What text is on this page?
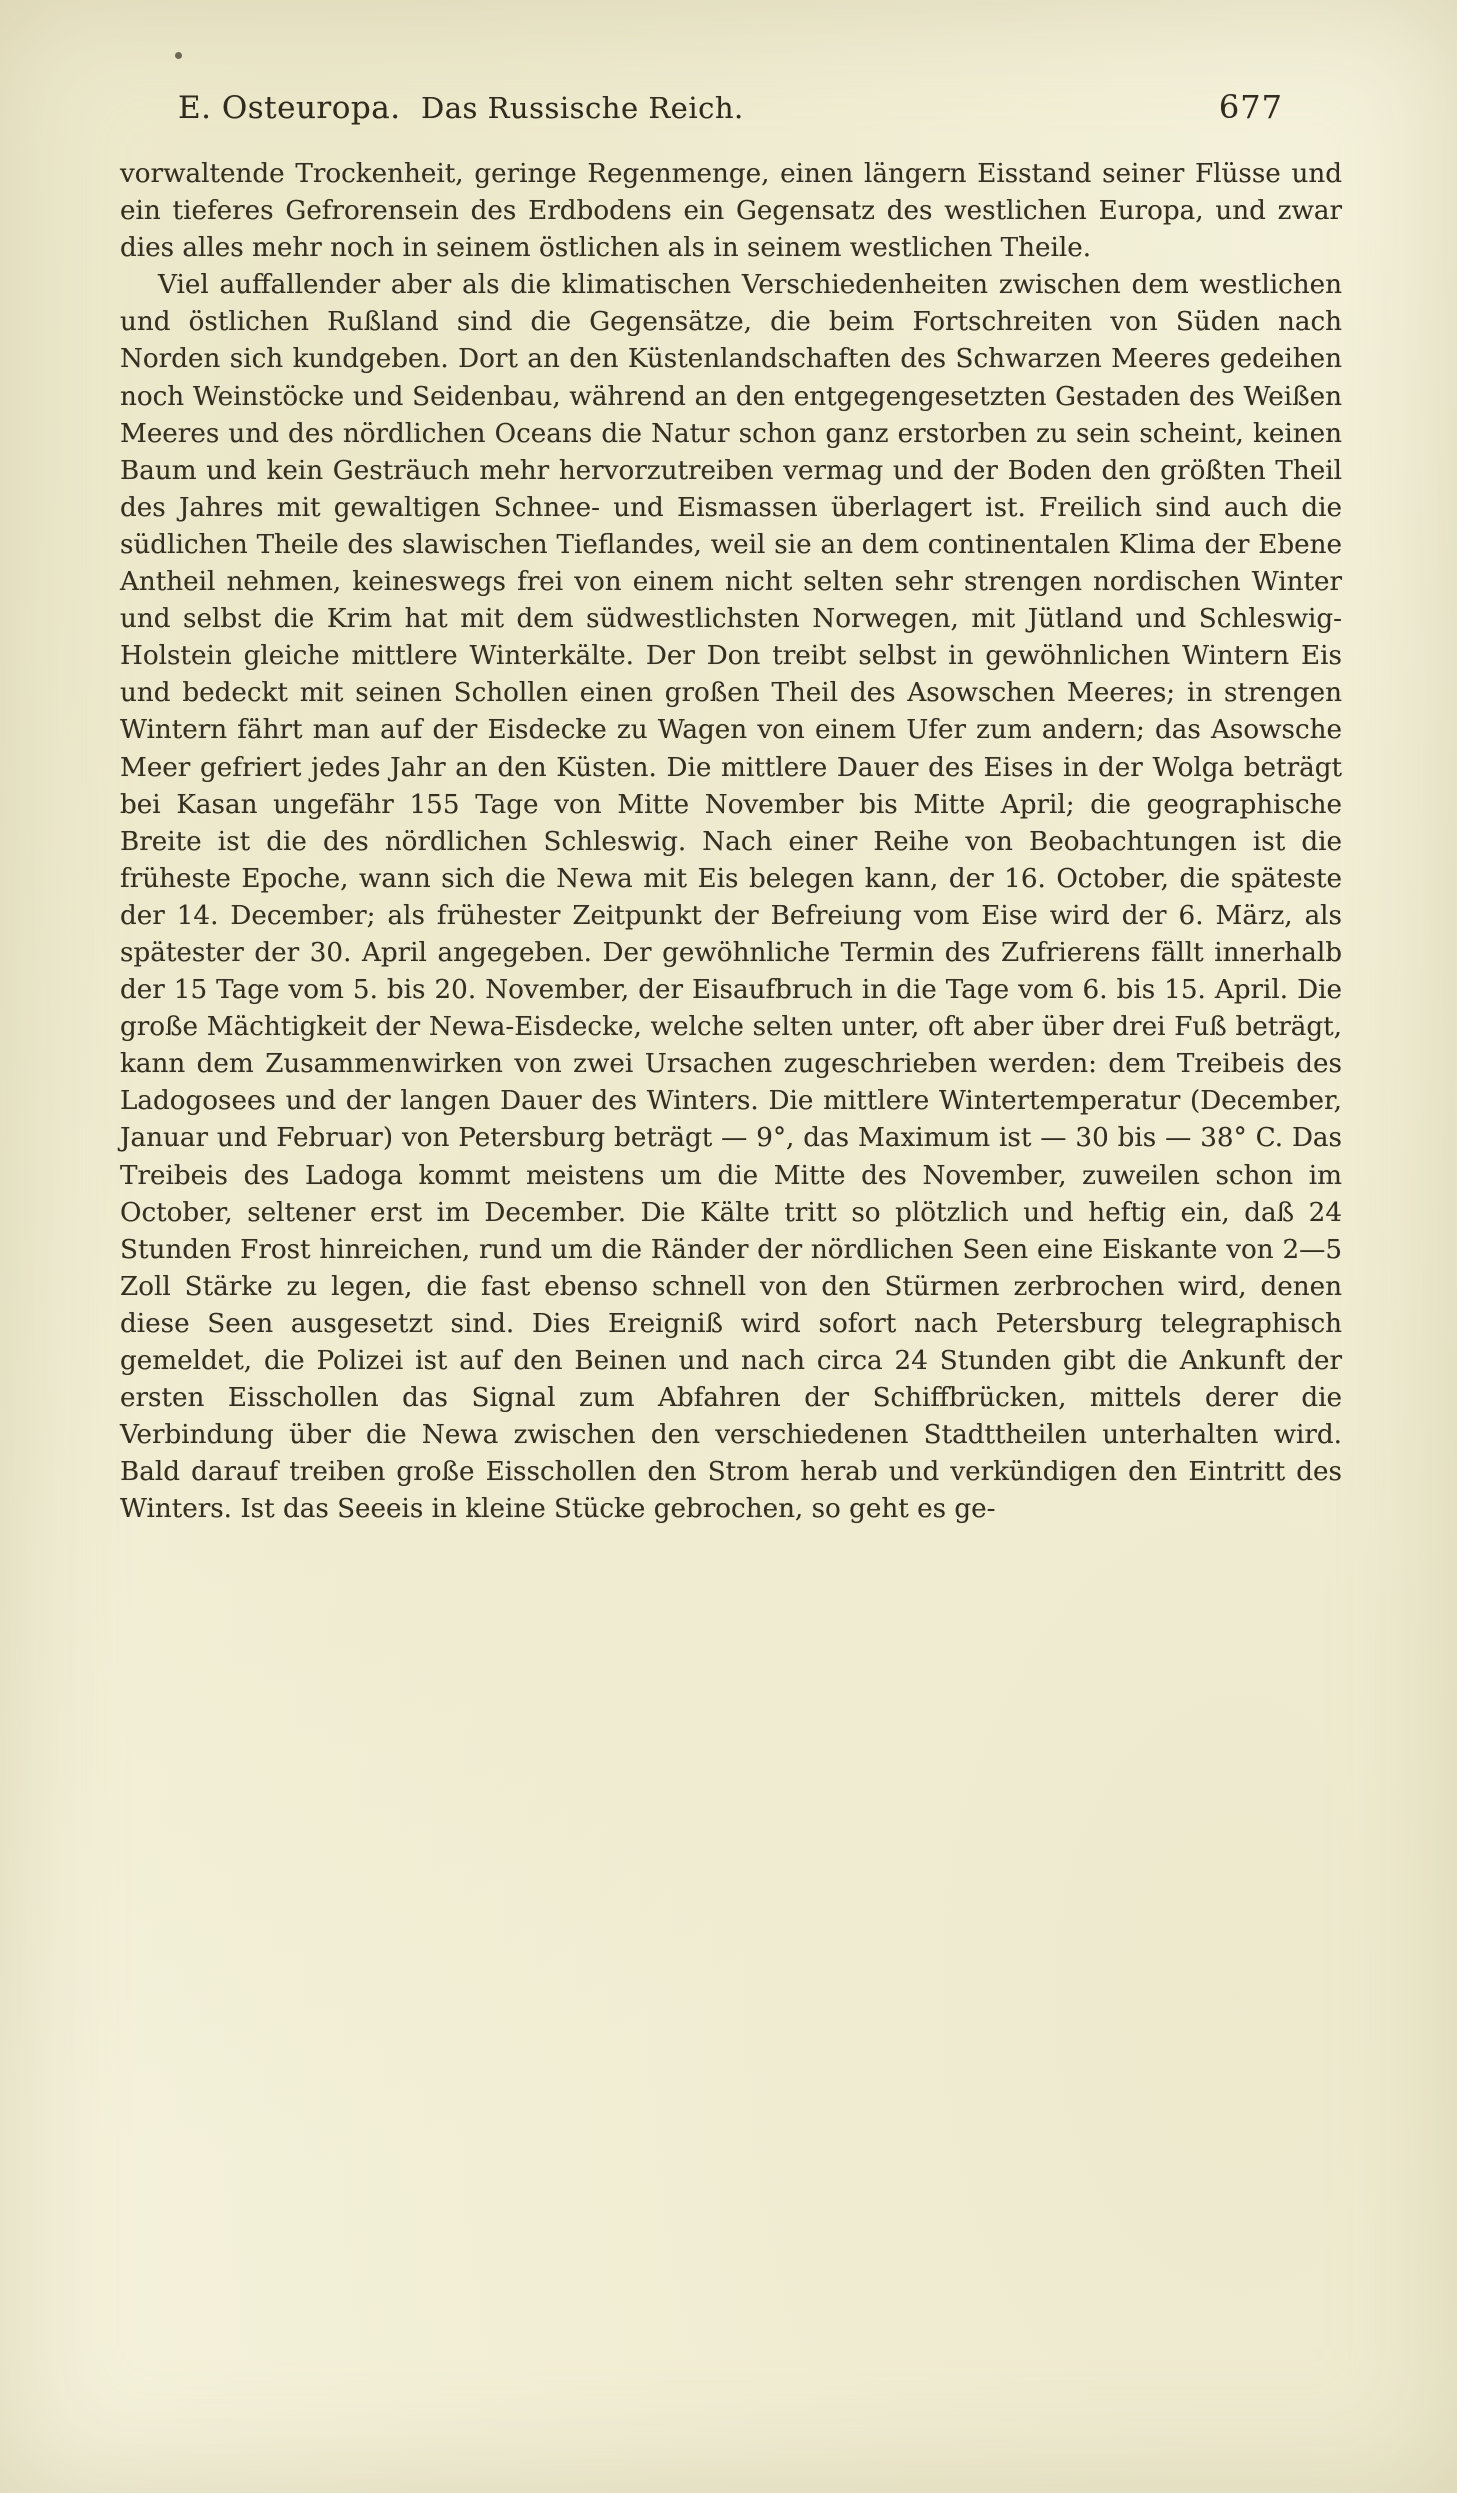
E. Osteuropa. Das Russische Reich.	677

vorwaltende Trockenheit, geringe Regenmenge, einen längern Eisstand seiner Flüsse und ein tieferes Gefrorensein des Erdbodens ein Gegensatz des westlichen Europa, und zwar dies alles mehr noch in seinem östlichen als in seinem westlichen Theile.

Viel auffallender aber als die klimatischen Verschiedenheiten zwischen dem westlichen und östlichen Rußland sind die Gegensätze, die beim Fortschreiten von Süden nach Norden sich kundgeben. Dort an den Küstenlandschaften des Schwarzen Meeres gedeihen noch Weinstöcke und Seidenbau, während an den entgegengesetzten Gestaden des Weißen Meeres und des nördlichen Oceans die Natur schon ganz erstorben zu sein scheint, keinen Baum und kein Gesträuch mehr hervorzutreiben vermag und der Boden den größten Theil des Jahres mit gewaltigen Schnee- und Eismassen überlagert ist. Freilich sind auch die südlichen Theile des slawischen Tieflandes, weil sie an dem continentalen Klima der Ebene Antheil nehmen, keineswegs frei von einem nicht selten sehr strengen nordischen Winter und selbst die Krim hat mit dem südwestlichsten Norwegen, mit Jütland und Schleswig-Holstein gleiche mittlere Winterkälte. Der Don treibt selbst in gewöhnlichen Wintern Eis und bedeckt mit seinen Schollen einen großen Theil des Asowschen Meeres; in strengen Wintern fährt man auf der Eisdecke zu Wagen von einem Ufer zum andern; das Asowsche Meer gefriert jedes Jahr an den Küsten. Die mittlere Dauer des Eises in der Wolga beträgt bei Kasan ungefähr 155 Tage von Mitte November bis Mitte April; die geographische Breite ist die des nördlichen Schleswig. Nach einer Reihe von Beobachtungen ist die früheste Epoche, wann sich die Newa mit Eis belegen kann, der 16. October, die späteste der 14. December; als frühester Zeitpunkt der Befreiung vom Eise wird der 6. März, als spätester der 30. April angegeben. Der gewöhnliche Termin des Zufrierens fällt innerhalb der 15 Tage vom 5. bis 20. November, der Eisaufbruch in die Tage vom 6. bis 15. April. Die große Mächtigkeit der Newa-Eisdecke, welche selten unter, oft aber über drei Fuß beträgt, kann dem Zusammenwirken von zwei Ursachen zugeschrieben werden: dem Treibeis des Ladogosees und der langen Dauer des Winters. Die mittlere Wintertemperatur (December, Januar und Februar) von Petersburg beträgt — 9°, das Maximum ist — 30 bis — 38° C. Das Treibeis des Ladoga kommt meistens um die Mitte des November, zuweilen schon im October, seltener erst im December. Die Kälte tritt so plötzlich und heftig ein, daß 24 Stunden Frost hinreichen, rund um die Ränder der nördlichen Seen eine Eiskante von 2—5 Zoll Stärke zu legen, die fast ebenso schnell von den Stürmen zerbrochen wird, denen diese Seen ausgesetzt sind. Dies Ereigniß wird sofort nach Petersburg telegraphisch gemeldet, die Polizei ist auf den Beinen und nach circa 24 Stunden gibt die Ankunft der ersten Eisschollen das Signal zum Abfahren der Schiffbrücken, mittels derer die Verbindung über die Newa zwischen den verschiedenen Stadttheilen unterhalten wird. Bald darauf treiben große Eisschollen den Strom herab und verkündigen den Eintritt des Winters. Ist das Seeeis in kleine Stücke gebrochen, so geht es ge-
